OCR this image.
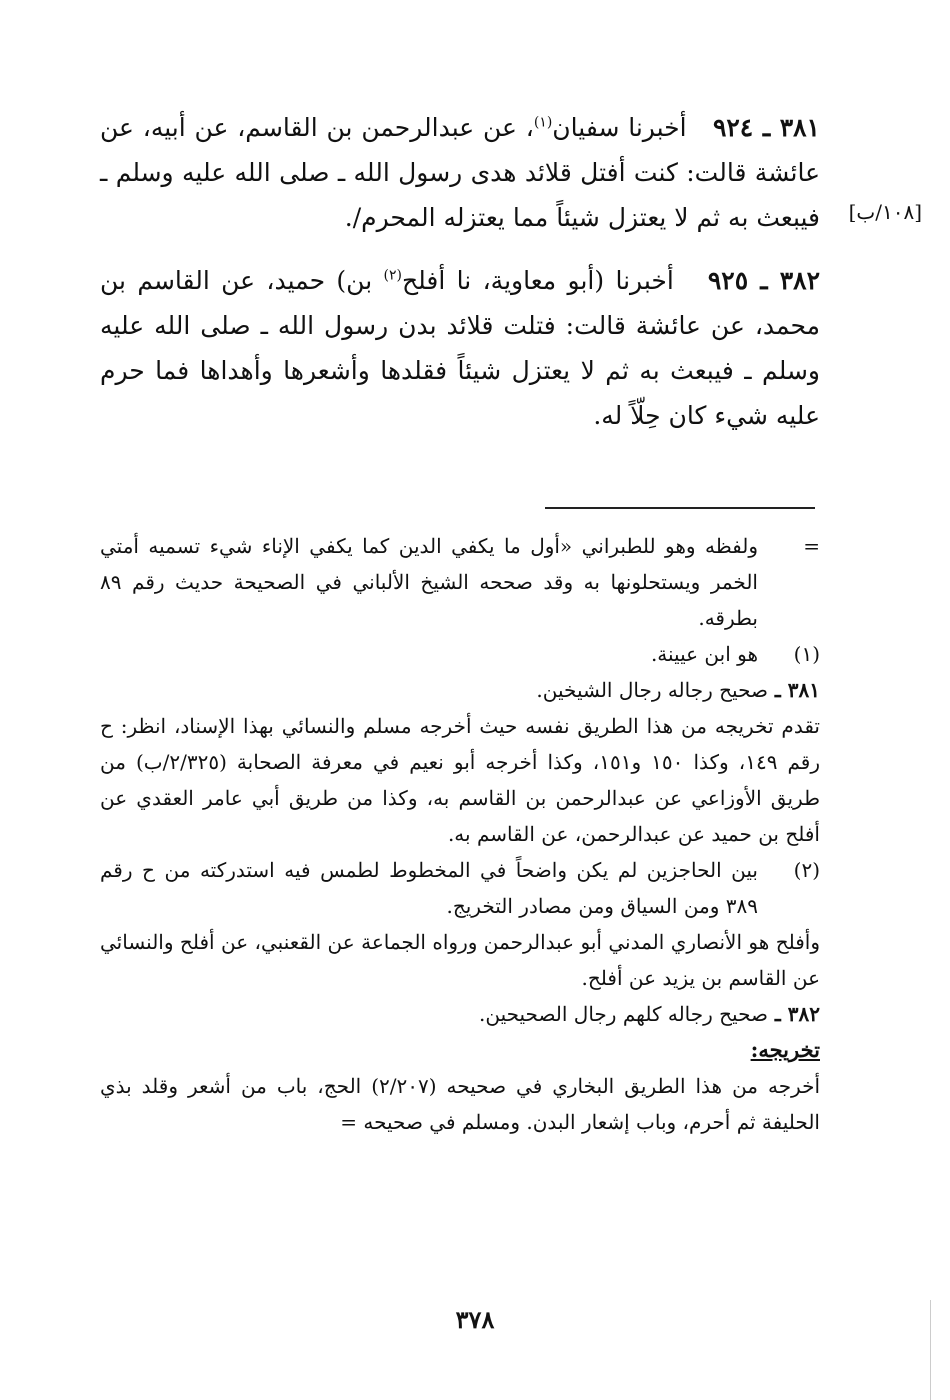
٣٨١ ـ ٩٢٤   أخبرنا سفيان$^{(١)}$، عن عبدالرحمن بن القاسم، عن أبيه، عن عائشة قالت: كنت أفتل قلائد هدى رسول الله ـ صلى الله عليه وسلم ـ فيبعث به ثم لا يعتزل شيئاً مما يعتزله المحرم/.	[١٠٨/ب]

٣٨٢ ـ ٩٢٥   أخبرنا (أبو معاوية، نا أفلح$^{(٢)}$ بن) حميد، عن القاسم بن محمد، عن عائشة قالت: فتلت قلائد بدن رسول الله ـ صلى الله عليه وسلم ـ فيبعث به ثم لا يعتزل شيئاً فقلدها وأشعرها وأهداها فما حرم عليه شيء كان حِلّاً له.

=
ولفظه وهو للطبراني «أول ما يكفي الدين كما يكفي الإناء شيء تسميه أمتي الخمر ويستحلونها به وقد صححه الشيخ الألباني في الصحيحة حديث رقم ٨٩ بطرقه.
(١)
هو ابن عيينة.
٣٨١ ـ صحيح رجاله رجال الشيخين.
تقدم تخريجه من هذا الطريق نفسه حيث أخرجه مسلم والنسائي بهذا الإسناد، انظر: ح رقم ١٤٩، وكذا ١٥٠ و١٥١، وكذا أخرجه أبو نعيم في معرفة الصحابة (٢/٣٢٥/ب) من طريق الأوزاعي عن عبدالرحمن بن القاسم به، وكذا من طريق أبي عامر العقدي عن أفلح بن حميد عن عبدالرحمن، عن القاسم به.
(٢)
بين الحاجزين لم يكن واضحاً في المخطوط لطمس فيه استدركته من ح رقم ٣٨٩ ومن السياق ومن مصادر التخريج.
وأفلح هو الأنصاري المدني أبو عبدالرحمن ورواه الجماعة عن القعنبي، عن أفلح والنسائي عن القاسم بن يزيد عن أفلح.
٣٨٢ ـ صحيح رجاله كلهم رجال الصحيحين.
تخريجه:
أخرجه من هذا الطريق البخاري في صحيحه (٢/٢٠٧) الحج، باب من أشعر وقلد بذي الحليفة ثم أحرم، وباب إشعار البدن. ومسلم في صحيحه =
٣٧٨
